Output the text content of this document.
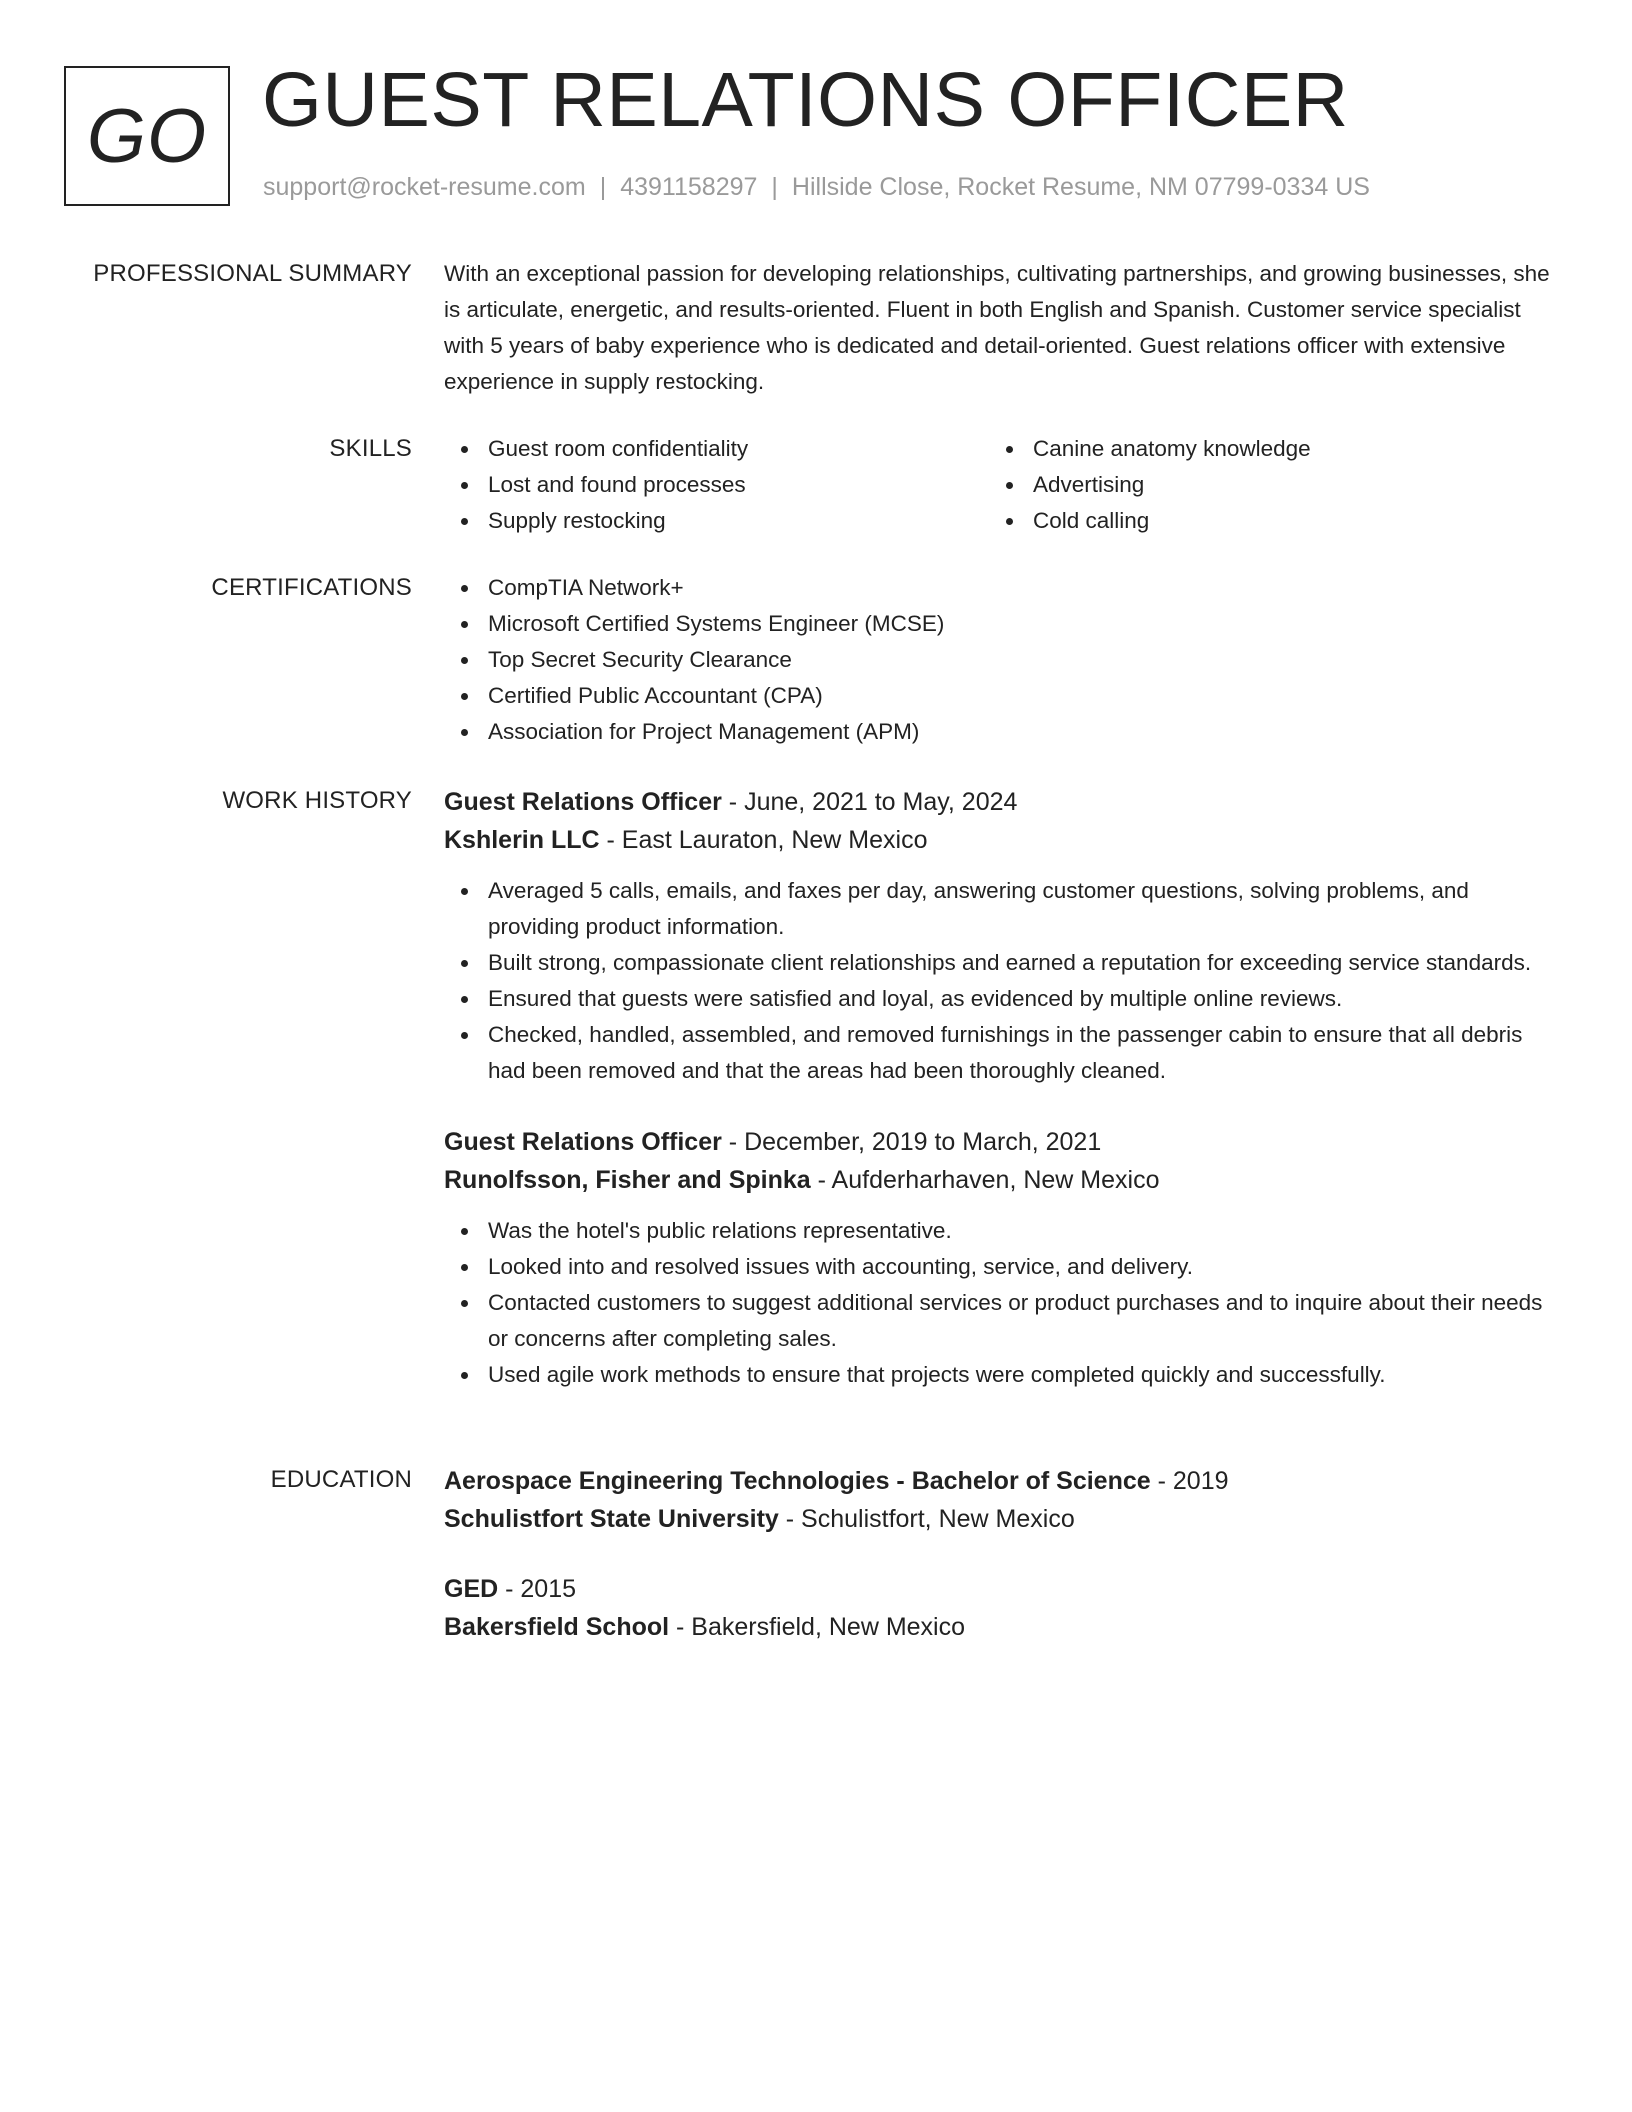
GO GUEST RELATIONS OFFICER
support@rocket-resume.com | 4391158297 | Hillside Close, Rocket Resume, NM 07799-0334 US
PROFESSIONAL SUMMARY With an exceptional passion for developing relationships, cultivating partnerships, and growing businesses, she is articulate, energetic, and results-oriented. Fluent in both English and Spanish. Customer service specialist with 5 years of baby experience who is dedicated and detail-oriented. Guest relations officer with extensive experience in supply restocking.

SKILLS	Guest room confidentiality	Canine anatomy knowledge
Lost and found processes	Advertising
Supply restocking	Cold calling
CERTIFICATIONS	CompTIA Network+
Microsoft Certified Systems Engineer (MCSE)
Top Secret Security Clearance
Certified Public Accountant (CPA)
Association for Project Management (APM)
WORK HISTORY Guest Relations Officer - June, 2021 to May, 2024
Kshlerin LLC - East Lauraton, New Mexico
Averaged 5 calls, emails, and faxes per day, answering customer questions, solving problems, and providing product information.
Built strong, compassionate client relationships and earned a reputation for exceeding service standards.
Ensured that guests were satisfied and loyal, as evidenced by multiple online reviews.
Checked, handled, assembled, and removed furnishings in the passenger cabin to ensure that all debris had been removed and that the areas had been thoroughly cleaned.
Guest Relations Officer - December, 2019 to March, 2021
Runolfsson, Fisher and Spinka - Aufderharhaven, New Mexico
Was the hotel's public relations representative.
Looked into and resolved issues with accounting, service, and delivery.
Contacted customers to suggest additional services or product purchases and to inquire about their needs or concerns after completing sales.
Used agile work methods to ensure that projects were completed quickly and successfully.
EDUCATION Aerospace Engineering Technologies - Bachelor of Science - 2019
Schulistfort State University - Schulistfort, New Mexico
GED - 2015
Bakersfield School - Bakersfield, New Mexico
